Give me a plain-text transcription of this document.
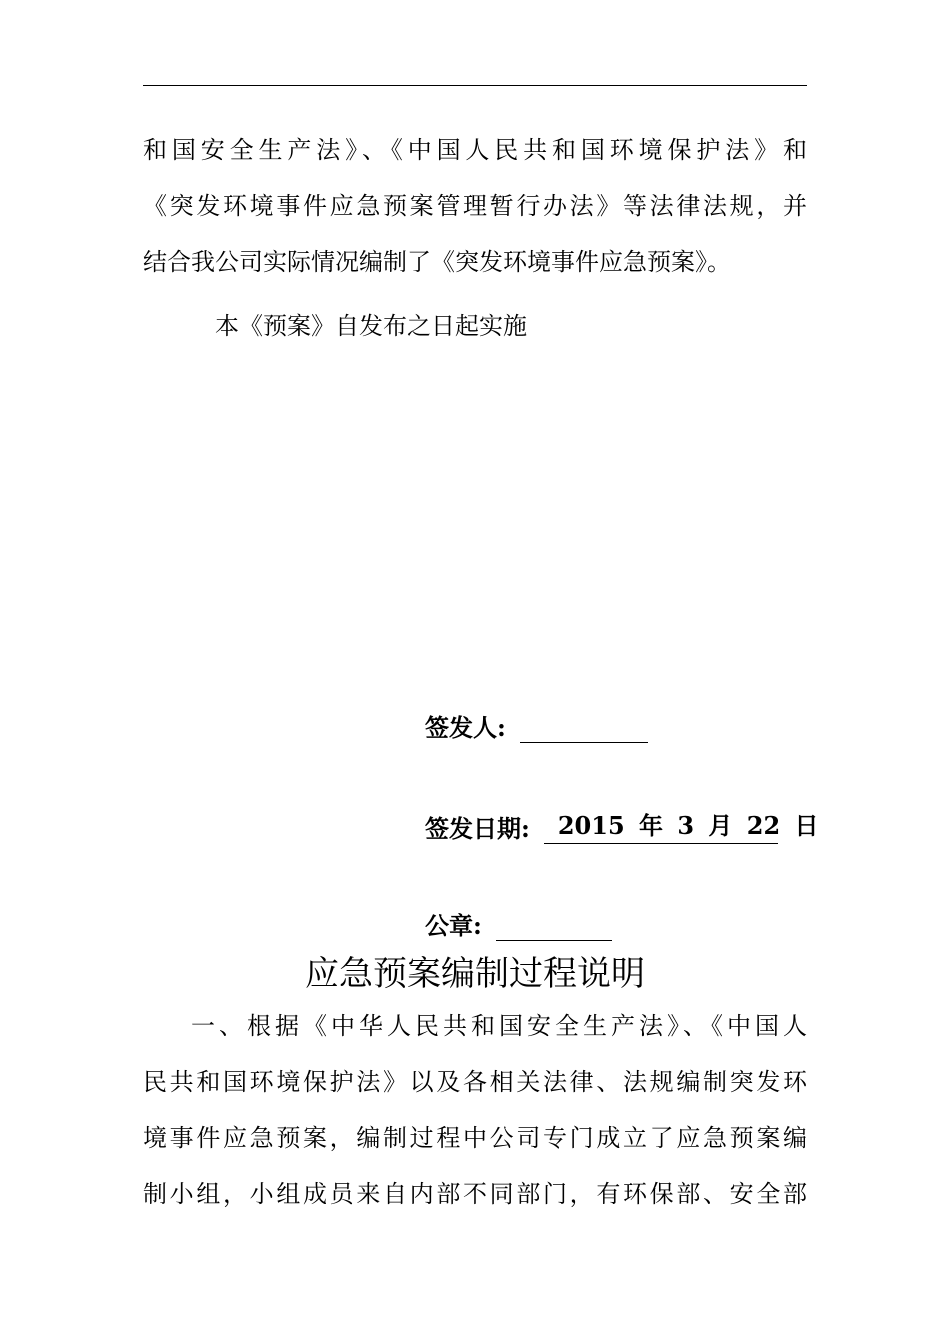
和国安全生产法》、《中国人民共和国环境保护法》和

《突发环境事件应急预案管理暂行办法》等法律法规，并

结合我公司实际情况编制了《突发环境事件应急预案》。

本《预案》自发布之日起实施

签发人:
签发日期:	2015 年 3 月 22 日
公章:
应急预案编制过程说明

一、根据《中华人民共和国安全生产法》、《中国人

民共和国环境保护法》以及各相关法律、法规编制突发环

境事件应急预案，编制过程中公司专门成立了应急预案编

制小组，小组成员来自内部不同部门，有环保部、安全部
